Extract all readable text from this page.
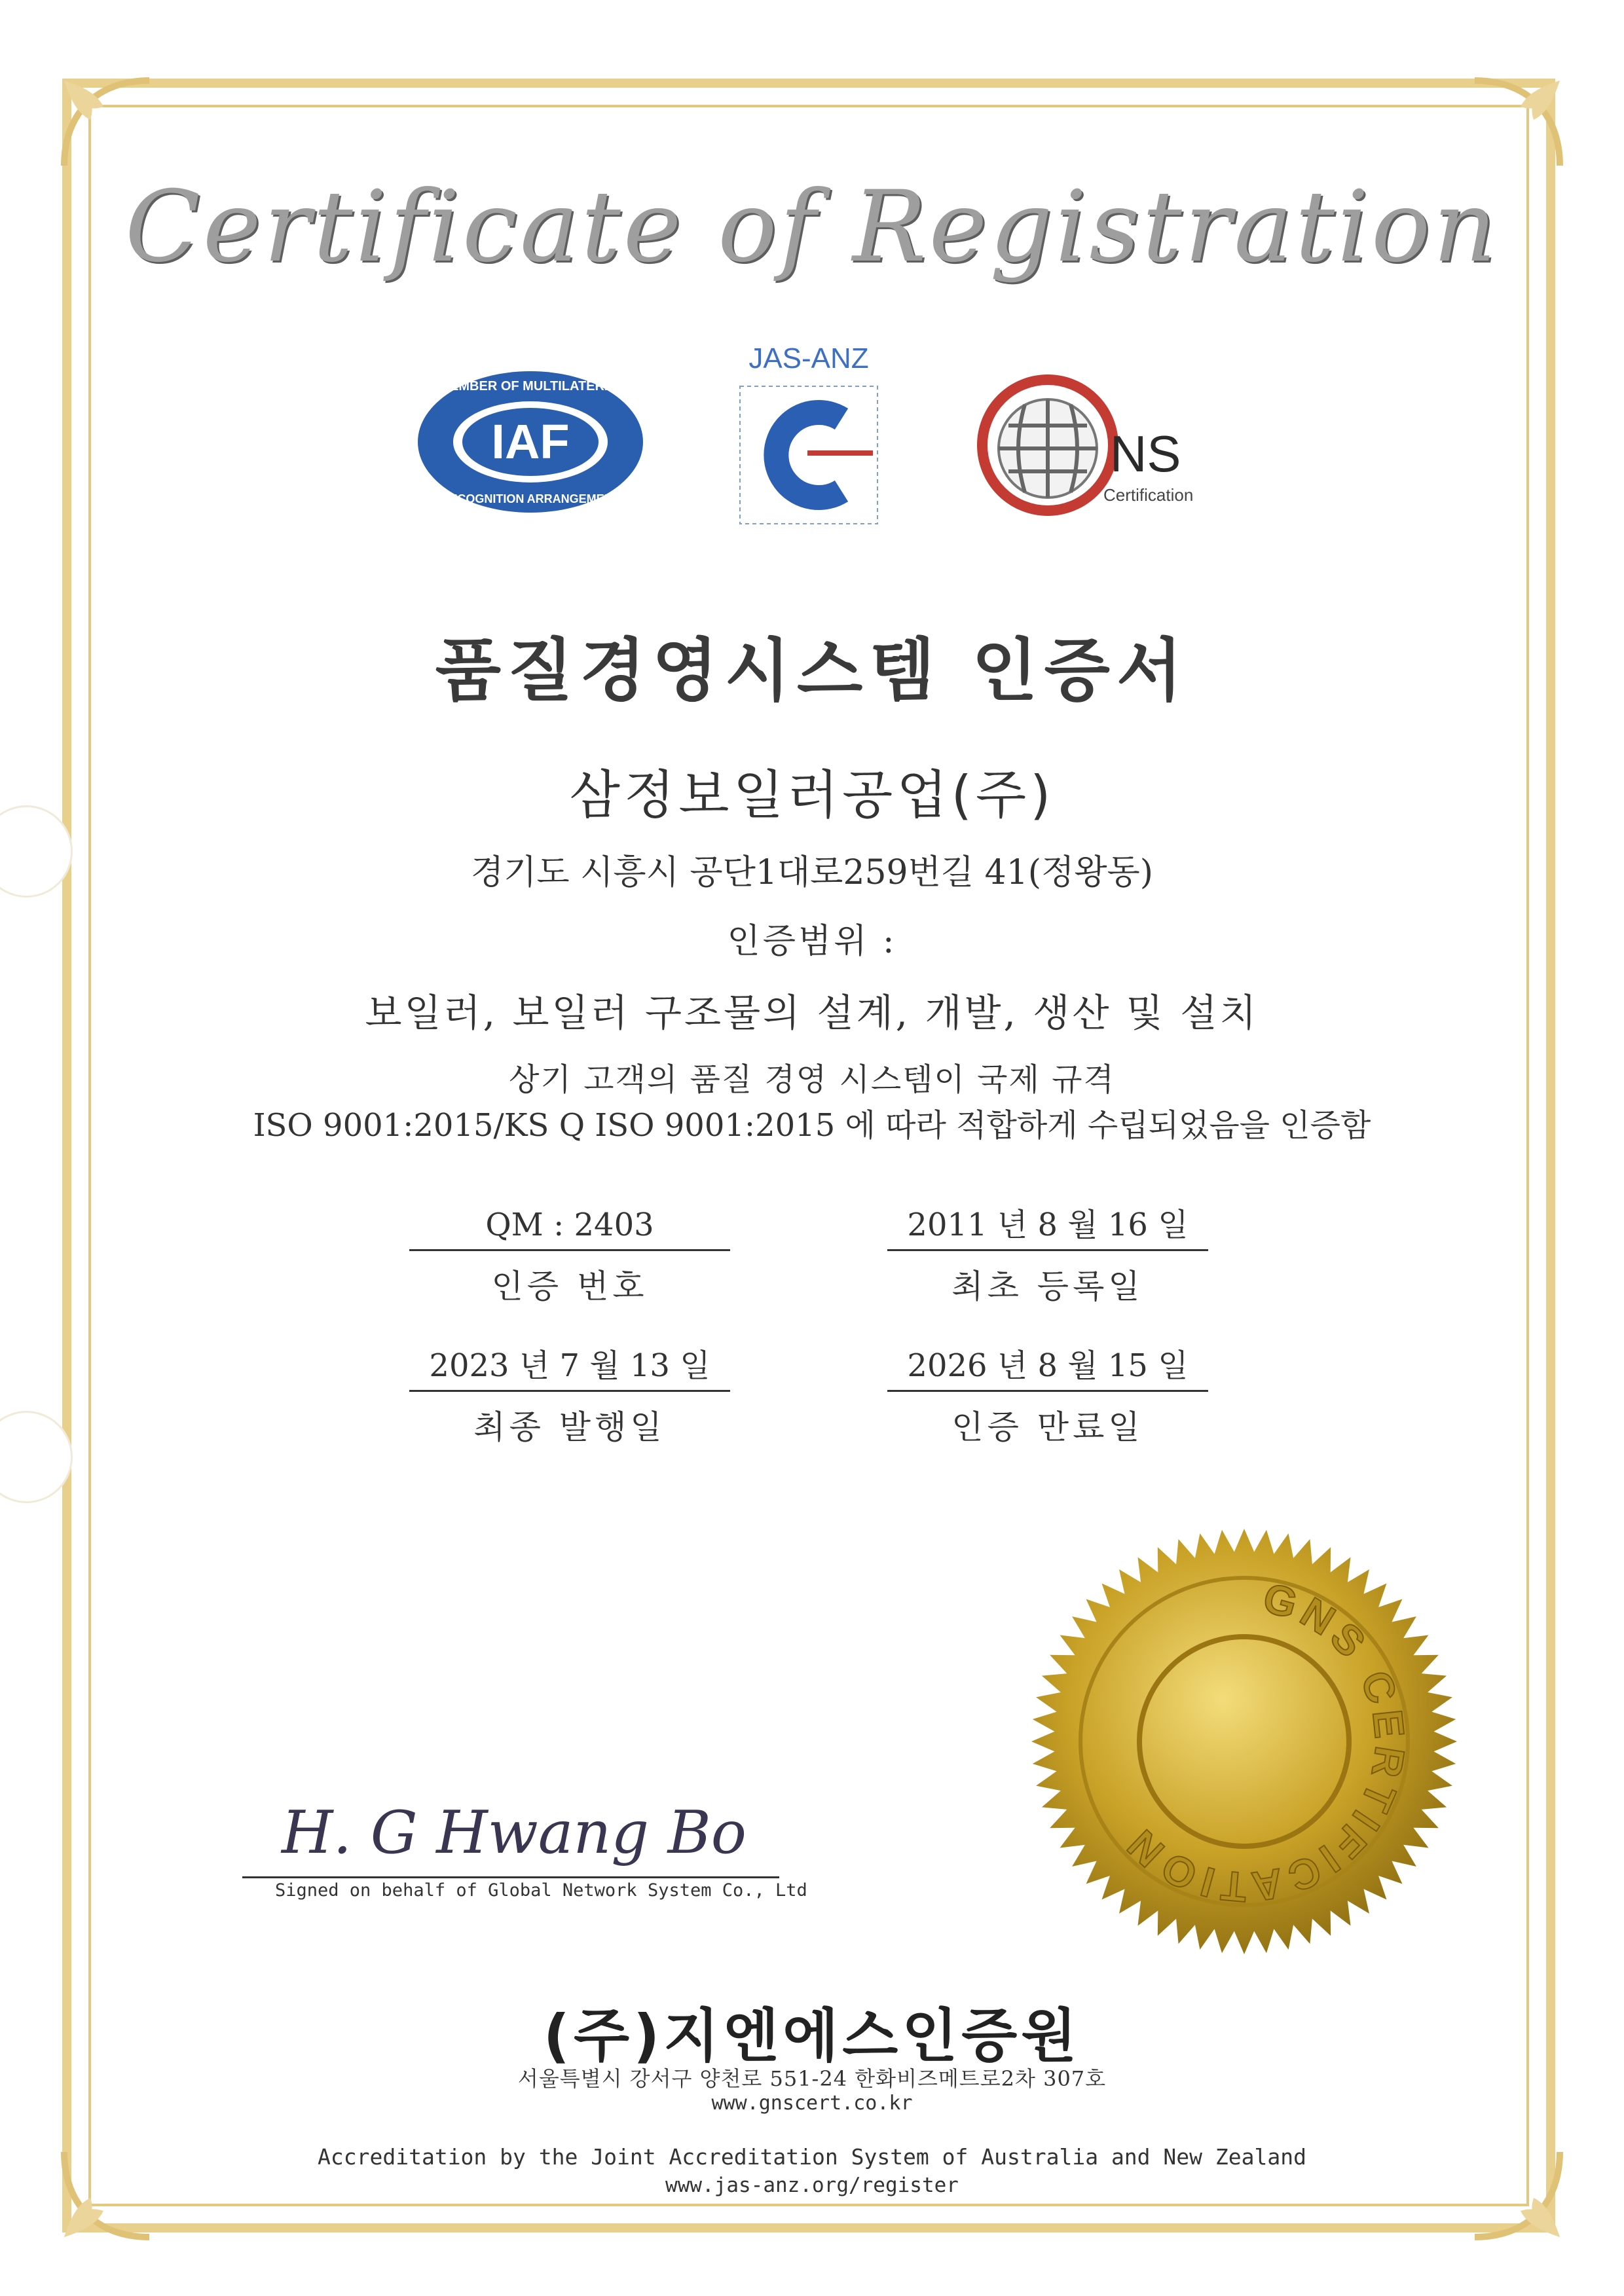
Certificate of Registration
IAF
MEMBER OF MULTILATERAL
RECOGNITION ARRANGEMENT
JAS-ANZ
NS
Certification
품질경영시스템 인증서
삼정보일러공업(주)
경기도 시흥시 공단1대로259번길 41(정왕동)
인증범위 :
보일러, 보일러 구조물의 설계, 개발, 생산 및 설치
상기 고객의 품질 경영 시스템이 국제 규격
ISO 9001:2015/KS Q ISO 9001:2015 에 따라 적합하게 수립되었음을 인증함
QM : 2403
인증 번호
2011 년 8 월 16 일
최초 등록일
2023 년 7 월 13 일
최종 발행일
2026 년 8 월 15 일
인증 만료일
GNS CERTIFICATION
H. G Hwang Bo
Signed on behalf of Global Network System Co., Ltd
(주)지엔에스인증원
서울특별시 강서구 양천로 551-24 한화비즈메트로2차 307호
www.gnscert.co.kr
Accreditation by the Joint Accreditation System of Australia and New Zealand
www.jas-anz.org/register
